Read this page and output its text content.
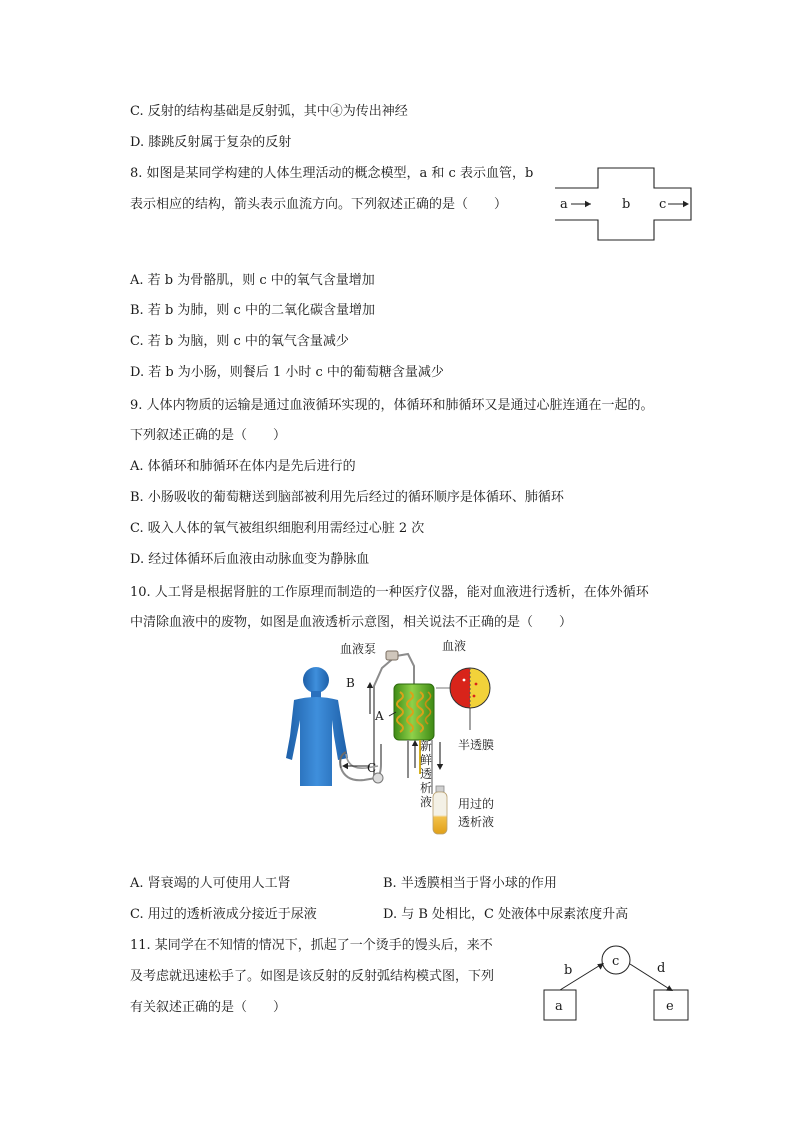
C. 反射的结构基础是反射弧，其中④为传出神经
D. 膝跳反射属于复杂的反射
8. 如图是某同学构建的人体生理活动的概念模型，a 和 c 表示血管，b
表示相应的结构，箭头表示血流方向。下列叙述正确的是（　　）	a	b c
A. 若 b 为骨骼肌，则 c 中的氧气含量增加
B. 若 b 为肺，则 c 中的二氧化碳含量增加
C. 若 b 为脑，则 c 中的氧气含量减少
D. 若 b 为小肠，则餐后 1 小时 c 中的葡萄糖含量减少
9. 人体内物质的运输是通过血液循环实现的，体循环和肺循环又是通过心脏连通在一起的。
下列叙述正确的是（　　）
A. 体循环和肺循环在体内是先后进行的
B. 小肠吸收的葡萄糖送到脑部被利用先后经过的循环顺序是体循环、肺循环
C. 吸入人体的氧气被组织细胞利用需经过心脏 2 次
D. 经过体循环后血液由动脉血变为静脉血
10. 人工肾是根据肾脏的工作原理而制造的一种医疗仪器，能对血液进行透析，在体外循环
中清除血液中的废物，如图是血液透析示意图，相关说法不正确的是（　　）
血液泵	血液
B
A
C
半透膜
新
鲜
透
析
液 用过的
透析液
A. 肾衰竭的人可使用人工肾	B. 半透膜相当于肾小球的作用
C. 用过的透析液成分接近于尿液	D. 与 B 处相比，C 处液体中尿素浓度升高
11. 某同学在不知情的情况下，抓起了一个烫手的馒头后，来不
及考虑就迅速松手了。如图是该反射的反射弧结构模式图，下列
有关叙述正确的是（　　）
c
a	e
b	d
